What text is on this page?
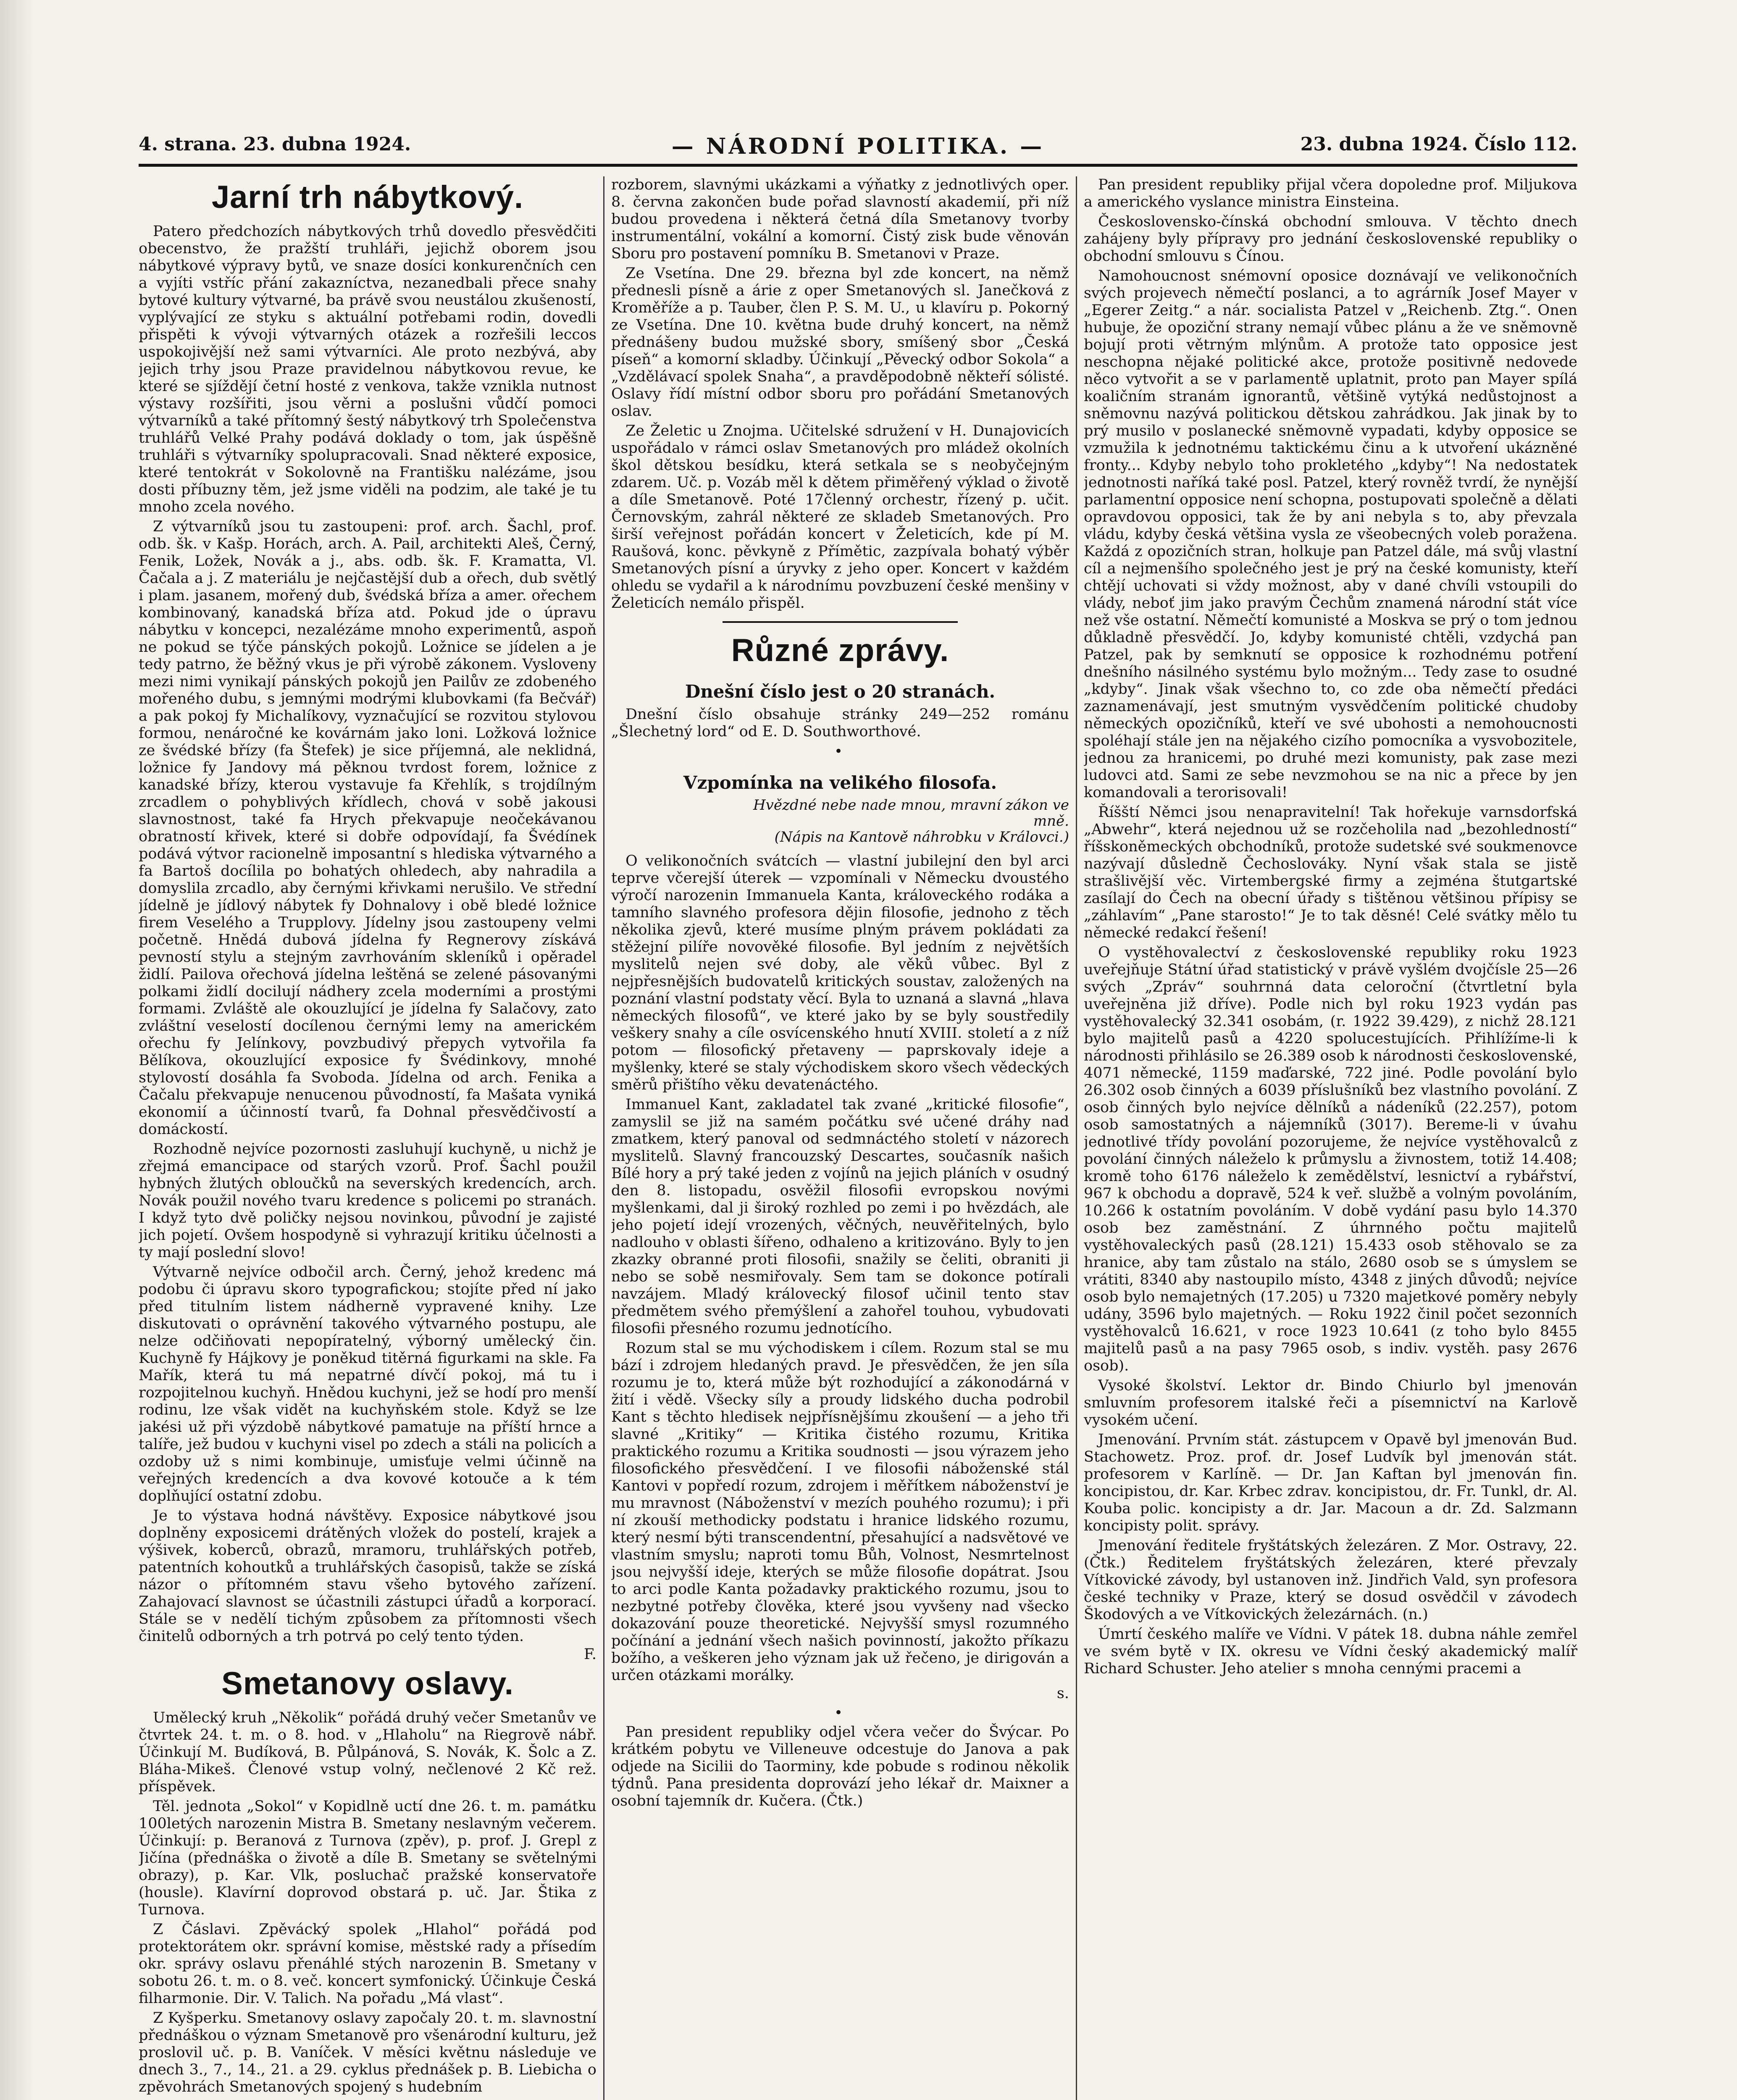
4. strana. 23. dubna 1924.	— NÁRODNÍ POLITIKA. —	23. dubna 1924. Číslo 112.
Jarní trh nábytkový.

Patero předchozích nábytkových trhů dovedlo přesvědčiti obecenstvo, že pražští truhláři, jejichž oborem jsou nábytkové výpravy bytů, ve snaze dosíci konkurenčních cen a vyjíti vstříc přání zakazníctva, nezanedbali přece snahy bytové kultury výtvarné, ba právě svou neustálou zkušeností, vyplývající ze styku s aktuální potřebami rodin, dovedli přispěti k vývoji výtvarných otázek a rozřešili leccos uspokojivější než sami výtvarníci. Ale proto nezbývá, aby jejich trhy jsou Praze pravidelnou nábytkovou revue, ke které se sjíždějí četní hosté z venkova, takže vznikla nutnost výstavy rozšířiti, jsou věrni a poslušni vůdčí pomoci výtvarníků a také přítomný šestý nábytkový trh Společenstva truhlářů Velké Prahy podává doklady o tom, jak úspěšně truhláři s výtvarníky spolupracovali. Snad některé exposice, které tentokrát v Sokolovně na Františku nalézáme, jsou dosti příbuzny těm, jež jsme viděli na podzim, ale také je tu mnoho zcela nového.

Z výtvarníků jsou tu zastoupeni: prof. arch. Šachl, prof. odb. šk. v Kašp. Horách, arch. A. Pail, architekti Aleš, Černý, Fenik, Ložek, Novák a j., abs. odb. šk. F. Kramatta, Vl. Čačala a j. Z materiálu je nejčastější dub a ořech, dub světlý i plam. jasanem, mořený dub, švédská bříza a amer. ořechem kombinovaný, kanadská bříza atd. Pokud jde o úpravu nábytku v koncepci, nezalézáme mnoho experimentů, aspoň ne pokud se týče pánských pokojů. Ložnice se jídelen a je tedy patrno, že běžný vkus je při výrobě zákonem. Vysloveny mezi nimi vynikají pánských pokojů jen Pailův ze zdobeného mořeného dubu, s jemnými modrými klubovkami (fa Bečvář) a pak pokoj fy Michalíkovy, vyznačující se rozvitou stylovou formou, nenáročné ke kovárnám jako loni. Ložková ložnice ze švédské břízy (fa Štefek) je sice příjemná, ale neklidná, ložnice fy Jandovy má pěknou tvrdost forem, ložnice z kanadské břízy, kterou vystavuje fa Křehlík, s trojdílným zrcadlem o pohyblivých křídlech, chová v sobě jakousi slavnostnost, také fa Hrych překvapuje neočekávanou obratností křivek, které si dobře odpovídají, fa Švédínek podává výtvor racionelně imposantní s hlediska výtvarného a fa Bartoš docílila po bohatých ohledech, aby nahradila a domyslila zrcadlo, aby černými křivkami nerušilo. Ve střední jídelně je jídlový nábytek fy Dohnalovy i obě bledé ložnice firem Veselého a Trupplovy. Jídelny jsou zastoupeny velmi početně. Hnědá dubová jídelna fy Regnerovy získává pevností stylu a stejným zavrhováním skleníků i opěradel židlí. Pailova ořechová jídelna leštěná se zelené pásovanými polkami židlí docilují nádhery zcela moderními a prostými formami. Zvláště ale okouzlující je jídelna fy Salačovy, zato zvláštní veselostí docílenou černými lemy na americkém ořechu fy Jelínkovy, povzbudivý přepych vytvořila fa Bělíkova, okouzlující exposice fy Švédinkovy, mnohé stylovostí dosáhla fa Svoboda. Jídelna od arch. Fenika a Čačalu překvapuje nenucenou původností, fa Mašata vyniká ekonomií a účinností tvarů, fa Dohnal přesvědčivostí a domáckostí.

Rozhodně nejvíce pozornosti zasluhují kuchyně, u nichž je zřejmá emancipace od starých vzorů. Prof. Šachl použil hybných žlutých obloučků na severských kredencích, arch. Novák použil nového tvaru kredence s policemi po stranách. I když tyto dvě poličky nejsou novinkou, původní je zajisté jich pojetí. Ovšem hospodyně si vyhrazují kritiku účelnosti a ty mají poslední slovo!

Výtvarně nejvíce odbočil arch. Černý, jehož kredenc má podobu či úpravu skoro typografickou; stojíte před ní jako před titulním listem nádherně vypravené knihy. Lze diskutovati o oprávnění takového výtvarného postupu, ale nelze odčiňovati nepopíratelný, výborný umělecký čin. Kuchyně fy Hájkovy je poněkud titěrná figurkami na skle. Fa Mařík, která tu má nepatrné dívčí pokoj, má tu i rozpojitelnou kuchyň. Hnědou kuchyni, jež se hodí pro menší rodinu, lze však vidět na kuchyňském stole. Když se lze jakési už při výzdobě nábytkové pamatuje na příští hrnce a talíře, jež budou v kuchyni visel po zdech a stáli na policích a ozdoby už s nimi kombinuje, umisťuje velmi účinně na veřejných kredencích a dva kovové kotouče a k tém doplňující ostatní zdobu.

Je to výstava hodná návštěvy. Exposice nábytkové jsou doplněny exposicemi drátěných vložek do postelí, krajek a výšivek, koberců, obrazů, mramoru, truhlářských potřeb, patentních kohoutků a truhlářských časopisů, takže se získá názor o přítomném stavu všeho bytového zařízení. Zahajovací slavnost se účastnili zástupci úřadů a korporací. Stále se v nedělí tichým způsobem za přítomnosti všech činitelů odborných a trh potrvá po celý tento týden.

F.
Smetanovy oslavy.

Umělecký kruh „Několik“ pořádá druhý večer Smetanův ve čtvrtek 24. t. m. o 8. hod. v „Hlaholu“ na Riegrově nábř. Účinkují M. Budíková, B. Půlpánová, S. Novák, K. Šolc a Z. Bláha-Mikeš. Členové vstup volný, nečlenové 2 Kč rež. příspěvek.

Těl. jednota „Sokol“ v Kopidlně uctí dne 26. t. m. památku 100letých narozenin Mistra B. Smetany neslavným večerem. Účinkují: p. Beranová z Turnova (zpěv), p. prof. J. Grepl z Jičína (přednáška o životě a díle B. Smetany se světelnými obrazy), p. Kar. Vlk, posluchač pražské konservatoře (housle). Klavírní doprovod obstará p. uč. Jar. Štika z Turnova.

Z Čáslavi. Zpěvácký spolek „Hlahol“ pořádá pod protektorátem okr. správní komise, městské rady a přísedím okr. správy oslavu přenáhlé stých narozenin B. Smetany v sobotu 26. t. m. o 8. več. koncert symfonický. Účinkuje Česká filharmonie. Dir. V. Talich. Na pořadu „Má vlast“.

Z Kyšperku. Smetanovy oslavy započaly 20. t. m. slavnostní přednáškou o význam Smetanově pro všenárodní kulturu, jež proslovil uč. p. B. Vaníček. V měsíci květnu následuje ve dnech 3., 7., 14., 21. a 29. cyklus přednášek p. B. Liebicha o zpěvohrách Smetanových spojený s hudebním

rozborem, slavnými ukázkami a výňatky z jednotlivých oper. 8. června zakončen bude pořad slavností akademií, při níž budou provedena i některá četná díla Smetanovy tvorby instrumentální, vokální a komorní. Čistý zisk bude věnován Sboru pro postavení pomníku B. Smetanovi v Praze.

Ze Vsetína. Dne 29. března byl zde koncert, na němž přednesli písně a árie z oper Smetanových sl. Janečková z Kroměříže a p. Tauber, člen P. S. M. U., u klavíru p. Pokorný ze Vsetína. Dne 10. května bude druhý koncert, na němž přednášeny budou mužské sbory, smíšený sbor „Česká píseň“ a komorní skladby. Účinkují „Pěvecký odbor Sokola“ a „Vzdělávací spolek Snaha“, a pravděpodobně někteří sólisté. Oslavy řídí místní odbor sboru pro pořádání Smetanových oslav.

Ze Želetic u Znojma. Učitelské sdružení v H. Dunajovicích uspořádalo v rámci oslav Smetanových pro mládež okolních škol dětskou besídku, která setkala se s neobyčejným zdarem. Uč. p. Vozáb měl k dětem přiměřený výklad o životě a díle Smetanově. Poté 17členný orchestr, řízený p. učit. Černovským, zahrál některé ze skladeb Smetanových. Pro širší veřejnost pořádán koncert v Želeticích, kde pí M. Raušová, konc. pěvkyně z Přímětic, zazpívala bohatý výběr Smetanových písní a úryvky z jeho oper. Koncert v každém ohledu se vydařil a k národnímu povzbuzení české menšiny v Želeticích nemálo přispěl.

Různé zprávy.
Dnešní číslo jest o 20 stranách.

Dnešní číslo obsahuje stránky 249—252 románu „Šlechetný lord“ od E. D. Southworthové.

•
Vzpomínka na velikého filosofa.
Hvězdné nebe nade mnou, mravní zákon ve mně.
(Nápis na Kantově náhrobku v Královci.)

O velikonočních svátcích — vlastní jubilejní den byl arci teprve včerejší úterek — vzpomínali v Německu dvoustého výročí narozenin Immanuela Kanta, královeckého rodáka a tamního slavného profesora dějin filosofie, jednoho z těch několika zjevů, které musíme plným právem pokládati za stěžejní pilíře novověké filosofie. Byl jedním z největších myslitelů nejen své doby, ale věků vůbec. Byl z nejpřesnějších budovatelů kritických soustav, založených na poznání vlastní podstaty věcí. Byla to uznaná a slavná „hlava německých filosofů“, ve které jako by se byly soustředily veškery snahy a cíle osvícenského hnutí XVIII. století a z níž potom — filosofický přetaveny — paprskovaly ideje a myšlenky, které se staly východiskem skoro všech vědeckých směrů přištího věku devatenáctého.

Immanuel Kant, zakladatel tak zvané „kritické filosofie“, zamyslil se již na samém počátku své učené dráhy nad zmatkem, který panoval od sedmnáctého století v názorech myslitelů. Slavný francouzský Descartes, současník našich Bílé hory a prý také jeden z vojínů na jejich pláních v osudný den 8. listopadu, osvěžil filosofii evropskou novými myšlenkami, dal ji široký rozhled po zemi i po hvězdách, ale jeho pojetí idejí vrozených, věčných, neuvěřitelných, bylo nadlouho v oblasti šířeno, odhaleno a kritizováno. Byly to jen zkazky obranné proti filosofii, snažily se čeliti, obraniti ji nebo se sobě nesmiřovaly. Sem tam se dokonce potírali navzájem. Mladý královecký filosof učinil tento stav předmětem svého přemýšlení a zahořel touhou, vybudovati filosofii přesného rozumu jednotícího.

Rozum stal se mu východiskem i cílem. Rozum stal se mu bází i zdrojem hledaných pravd. Je přesvědčen, že jen síla rozumu je to, která může být rozhodující a zákonodárná v žití i vědě. Všecky síly a proudy lidského ducha podrobil Kant s těchto hledisek nejpřísnějšímu zkoušení — a jeho tři slavné „Kritiky“ — Kritika čistého rozumu, Kritika praktického rozumu a Kritika soudnosti — jsou výrazem jeho filosofického přesvědčení. I ve filosofii náboženské stál Kantovi v popředí rozum, zdrojem i měřítkem náboženství je mu mravnost (Náboženství v mezích pouhého rozumu); i při ní zkouší methodicky podstatu i hranice lidského rozumu, který nesmí býti transcendentní, přesahující a nadsvětové ve vlastním smyslu; naproti tomu Bůh, Volnost, Nesmrtelnost jsou nejvyšší ideje, kterých se může filosofie dopátrat. Jsou to arci podle Kanta požadavky praktického rozumu, jsou to nezbytné potřeby člověka, které jsou vyvšeny nad všecko dokazování pouze theoretické. Nejvyšší smysl rozumného počínání a jednání všech našich povinností, jakožto příkazu božího, a veškeren jeho význam jak už řečeno, je dirigován a určen otázkami morálky.

s.
•

Pan president republiky odjel včera večer do Švýcar. Po krátkém pobytu ve Villeneuve odcestuje do Janova a pak odjede na Sicilii do Taorminy, kde pobude s rodinou několik týdnů. Pana presidenta doprovází jeho lékař dr. Maixner a osobní tajemník dr. Kučera. (Čtk.)

Pan president republiky přijal včera dopoledne prof. Miljukova a amerického vyslance ministra Einsteina.

Československo-čínská obchodní smlouva. V těchto dnech zahájeny byly přípravy pro jednání československé republiky o obchodní smlouvu s Čínou.

Namohoucnost snémovní oposice doznávají ve velikonočních svých projevech němečtí poslanci, a to agrárník Josef Mayer v „Egerer Zeitg.“ a nár. socialista Patzel v „Reichenb. Ztg.“. Onen hubuje, že opoziční strany nemají vůbec plánu a že ve sněmovně bojují proti větrným mlýnům. A protože tato opposice jest neschopna nějaké politické akce, protože positivně nedovede něco vytvořit a se v parlamentě uplatnit, proto pan Mayer spílá koaličním stranám ignorantů, většině vytýká nedůstojnost a sněmovnu nazývá politickou dětskou zahrádkou. Jak jinak by to prý musilo v poslanecké sněmovně vypadati, kdyby opposice se vzmužila k jednotnému taktickému činu a k utvoření ukázněné fronty... Kdyby nebylo toho prokletého „kdyby“! Na nedostatek jednotnosti naříká také posl. Patzel, který rovněž tvrdí, že nynější parlamentní opposice není schopna, postupovati společně a dělati opravdovou opposici, tak že by ani nebyla s to, aby převzala vládu, kdyby česká většina vysla ze všeobecných voleb poražena. Každá z opozičních stran, holkuje pan Patzel dále, má svůj vlastní cíl a nejmenšího společného jest je prý na české komunisty, kteří chtějí uchovati si vždy možnost, aby v dané chvíli vstoupili do vlády, neboť jim jako pravým Čechům znamená národní stát více než vše ostatní. Němečtí komunisté a Moskva se prý o tom jednou důkladně přesvědčí. Jo, kdyby komunisté chtěli, vzdychá pan Patzel, pak by semknutí se opposice k rozhodnému potření dnešního násilného systému bylo možným... Tedy zase to osudné „kdyby“. Jinak však všechno to, co zde oba němečtí předáci zaznamenávají, jest smutným vysvědčením politické chudoby německých opozičníků, kteří ve své ubohosti a nemohoucnosti spoléhají stále jen na nějakého cizího pomocníka a vysvobozitele, jednou za hranicemi, po druhé mezi komunisty, pak zase mezi ludovci atd. Sami ze sebe nevzmohou se na nic a přece by jen komandovali a terorisovali!

Říšští Němci jsou nenapravitelní! Tak hořekuje varnsdorfská „Abwehr“, která nejednou už se rozčeholila nad „bezohledností“ říšskoněmeckých obchodníků, protože sudetské své soukmenovce nazývají důsledně Čechoslováky. Nyní však stala se jistě strašlivější věc. Virtembergské firmy a zejména štutgartské zasílají do Čech na obecní úřady s tištěnou většinou přípisy se „záhlavím“ „Pane starosto!“ Je to tak děsné! Celé svátky mělo tu německé redakcí řešení!

O vystěhovalectví z československé republiky roku 1923 uveřejňuje Státní úřad statistický v právě vyšlém dvojčísle 25—26 svých „Zpráv“ souhrnná data celoroční (čtvrtletní byla uveřejněna již dříve). Podle nich byl roku 1923 vydán pas vystěhovalecký 32.341 osobám, (r. 1922 39.429), z nichž 28.121 bylo majitelů pasů a 4220 spolucestujících. Přihlížíme-li k národnosti přihlásilo se 26.389 osob k národnosti československé, 4071 německé, 1159 maďarské, 722 jiné. Podle povolání bylo 26.302 osob činných a 6039 příslušníků bez vlastního povolání. Z osob činných bylo nejvíce dělníků a nádeníků (22.257), potom osob samostatných a nájemníků (3017). Bereme-li v úvahu jednotlivé třídy povolání pozorujeme, že nejvíce vystěhovalců z povolání činných náleželo k průmyslu a živnostem, totiž 14.408; kromě toho 6176 náleželo k zemědělství, lesnictví a rybářství, 967 k obchodu a dopravě, 524 k veř. službě a volným povoláním, 10.266 k ostatním povoláním. V době vydání pasu bylo 14.370 osob bez zaměstnání. Z úhrnného počtu majitelů vystěhovaleckých pasů (28.121) 15.433 osob stěhovalo se za hranice, aby tam zůstalo na stálo, 2680 osob se s úmyslem se vrátiti, 8340 aby nastoupilo místo, 4348 z jiných důvodů; nejvíce osob bylo nemajetných (17.205) u 7320 majetkové poměry nebyly udány, 3596 bylo majetných. — Roku 1922 činil počet sezonních vystěhovalců 16.621, v roce 1923 10.641 (z toho bylo 8455 majitelů pasů a na pasy 7965 osob, s indiv. vystěh. pasy 2676 osob).

Vysoké školství. Lektor dr. Bindo Chiurlo byl jmenován smluvním profesorem italské řeči a písemnictví na Karlově vysokém učení.

Jmenování. Prvním stát. zástupcem v Opavě byl jmenován Bud. Stachowetz. Proz. prof. dr. Josef Ludvík byl jmenován stát. profesorem v Karlíně. — Dr. Jan Kaftan byl jmenován fin. koncipistou, dr. Kar. Krbec zdrav. koncipistou, dr. Fr. Tunkl, dr. Al. Kouba polic. koncipisty a dr. Jar. Macoun a dr. Zd. Salzmann koncipisty polit. správy.

Jmenování ředitele fryštátských železáren. Z Mor. Ostravy, 22. (Čtk.) Ředitelem fryštátských železáren, které převzaly Vítkovické závody, byl ustanoven inž. Jindřich Vald, syn profesora české techniky v Praze, který se dosud osvědčil v závodech Škodových a ve Vítkovických železárnách. (n.)

Úmrtí českého malíře ve Vídni. V pátek 18. dubna náhle zemřel ve svém bytě v IX. okresu ve Vídni český akademický malíř Richard Schuster. Jeho atelier s mnoha cennými pracemi a
